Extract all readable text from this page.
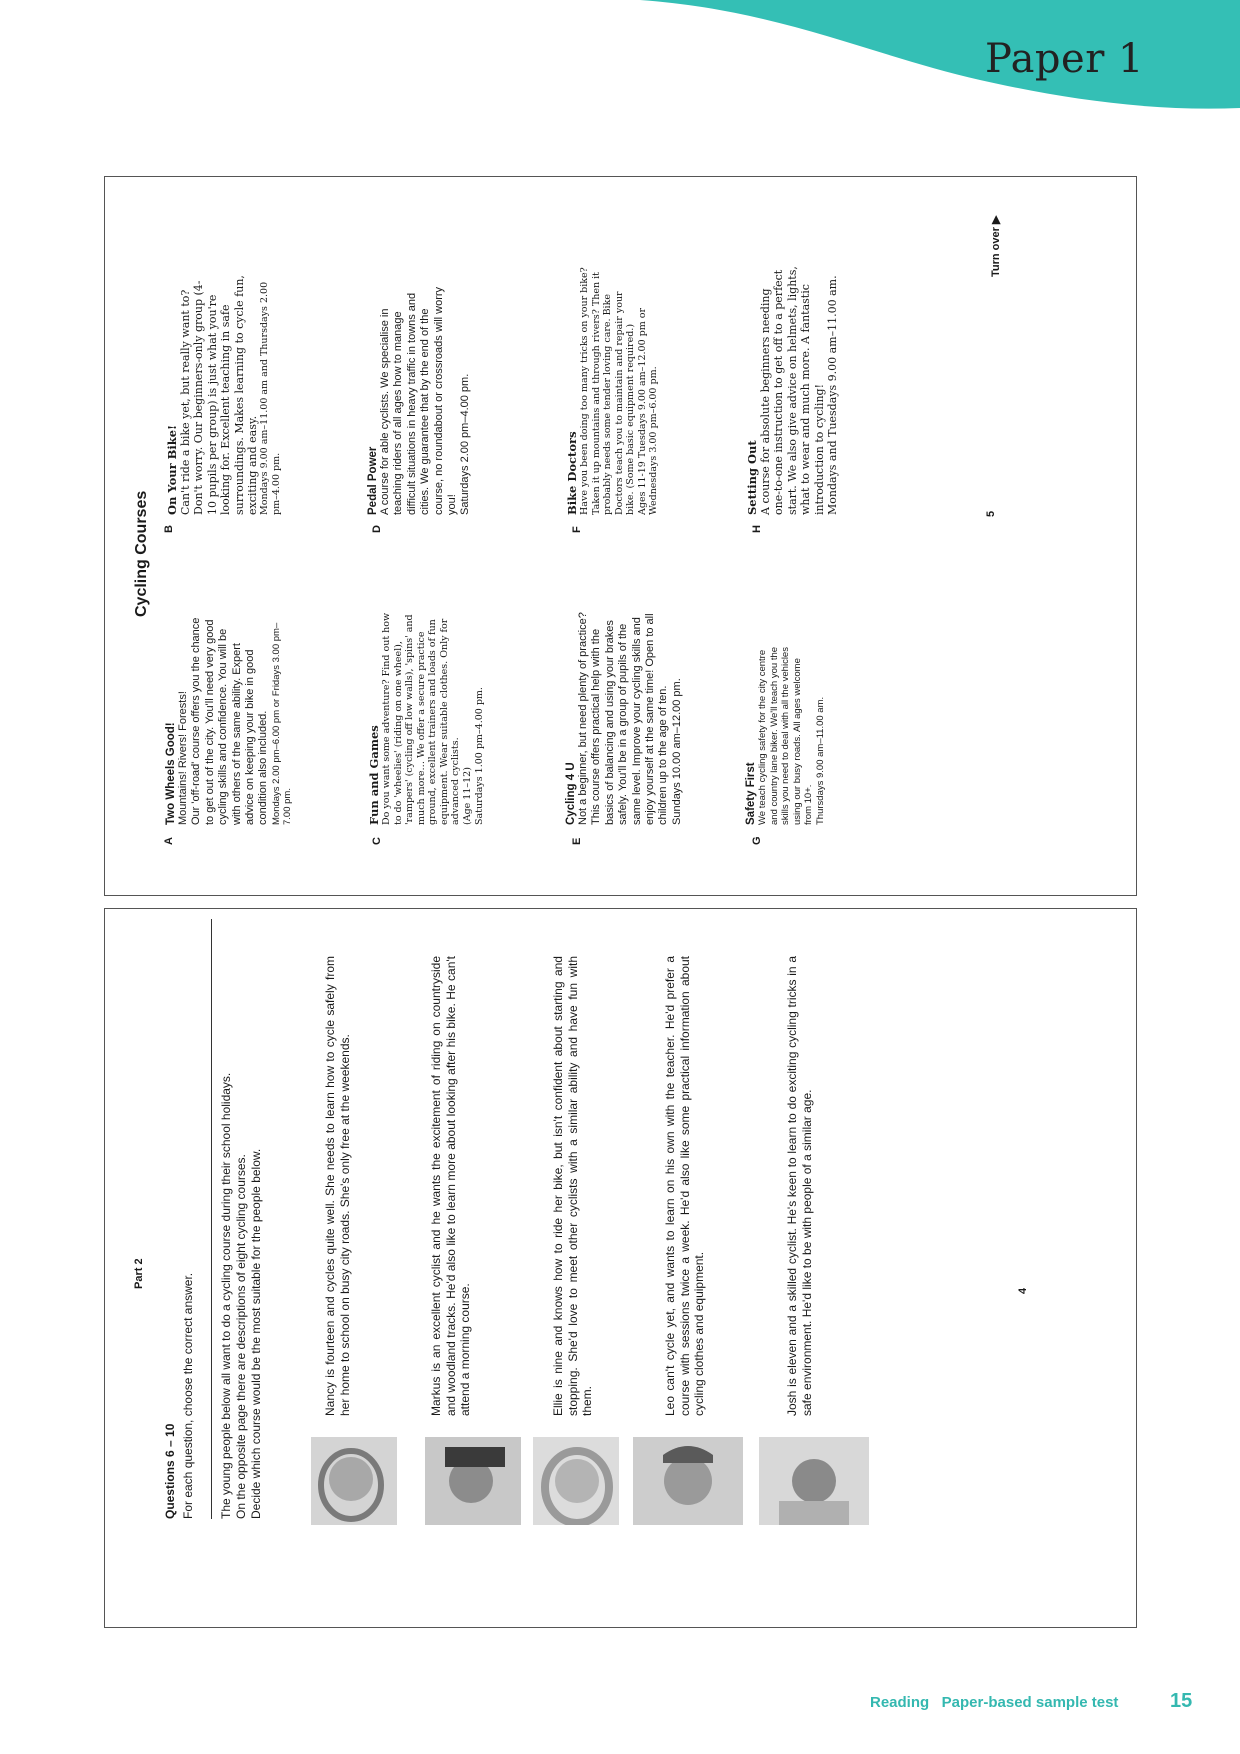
Paper 1
Questions 6 – 10 For each question, choose the correct answer. The young people below all want to do a cycling course during their school holidays. On the opposite page there are descriptions of eight cycling courses. Decide which course would be the most suitable for the people below.
Part 2	Nancy is fourteen and cycles quite well. She needs to learn how to cycle safely from her home to school on busy city roads. She's only free at the weekends.	Markus is an excellent cyclist and he wants the excitement of riding on countryside and woodland tracks. He'd also like to learn more about looking after his bike. He can't attend a morning course.	Ellie is nine and knows how to ride her bike, but isn't confident about starting and stopping. She'd love to meet other cyclists with a similar ability and have fun with them.	Leo can't cycle yet, and wants to learn on his own with the teacher. He'd prefer a course with sessions twice a week. He'd also like some practical information about cycling clothes and equipment.	Josh is eleven and a skilled cyclist. He's keen to learn to do exciting cycling tricks in a safe environment. He'd like to be with people of a similar age.	4
Cycling Courses
A
Two Wheels Good! Mountains! Rivers! Forests! Our 'off-road' course offers you the chance to get out of the city. You'll need very good cycling skills and confidence. You will be with others of the same ability. Expert advice on keeping your bike in good condition also included. Mondays 2.00 pm–6.00 pm or Fridays 3.00 pm–7.00 pm.
B
On Your Bike! Can't ride a bike yet, but really want to? Don't worry. Our beginners-only group (4-10 pupils per group) is just what you're looking for. Excellent teaching in safe surroundings. Makes learning to cycle fun, exciting and easy. Mondays 9.00 am–11.00 am and Thursdays 2.00 pm–4.00 pm.
C
Fun and Games Do you want some adventure? Find out how to do 'wheelies' (riding on one wheel), 'rampers' (cycling off low walls), 'spins' and much more… We offer a secure practice ground, excellent trainers and loads of fun equipment. Wear suitable clothes. Only for advanced cyclists. (Age 11–12) Saturdays 1.00 pm–4.00 pm.
D
Pedal Power A course for able cyclists. We specialise in teaching riders of all ages how to manage difficult situations in heavy traffic in towns and cities. We guarantee that by the end of the course, no roundabout or crossroads will worry you! Saturdays 2.00 pm–4.00 pm.
E
Cycling 4 U Not a beginner, but need plenty of practice? This course offers practical help with the basics of balancing and using your brakes safely. You'll be in a group of pupils of the same level. Improve your cycling skills and enjoy yourself at the same time! Open to all children up to the age of ten. Sundays 10.00 am–12.00 pm.
F
Bike Doctors Have you been doing too many tricks on your bike? Taken it up mountains and through rivers? Then it probably needs some tender loving care. Bike Doctors teach you to maintain and repair your bike. (Some basic equipment required.) Ages 11-19 Tuesdays 9.00 am–12.00 pm or Wednesdays 3.00 pm–6.00 pm.
G
Safety First We teach cycling safety for the city centre and country lane biker. We'll teach you the skills you need to deal with all the vehicles using our busy roads. All ages welcome from 10+. Thursdays 9.00 am–11.00 am.
H
Setting Out A course for absolute beginners needing one-to-one instruction to get off to a perfect start. We also give advice on helmets, lights, what to wear and much more. A fantastic introduction to cycling! Mondays and Tuesdays 9.00 am–11.00 am.	5
Turn over ▶
Reading   Paper-based sample test	15
